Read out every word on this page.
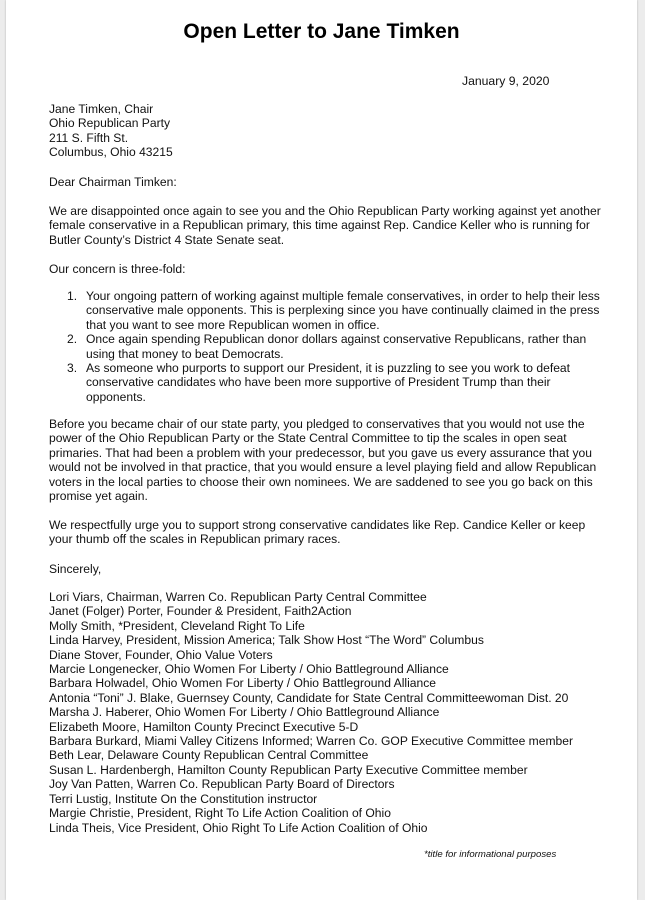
Open Letter to Jane Timken
January 9, 2020
Jane Timken, Chair
Ohio Republican Party
211 S. Fifth St.
Columbus, Ohio 43215
Dear Chairman Timken:
We are disappointed once again to see you and the Ohio Republican Party working against yet another female conservative in a Republican primary, this time against Rep. Candice Keller who is running for Butler County’s District 4 State Senate seat.
Our concern is three-fold:
1. Your ongoing pattern of working against multiple female conservatives, in order to help their less conservative male opponents. This is perplexing since you have continually claimed in the press that you want to see more Republican women in office.
2. Once again spending Republican donor dollars against conservative Republicans, rather than using that money to beat Democrats.
3. As someone who purports to support our President, it is puzzling to see you work to defeat conservative candidates who have been more supportive of President Trump than their opponents.
Before you became chair of our state party, you pledged to conservatives that you would not use the power of the Ohio Republican Party or the State Central Committee to tip the scales in open seat primaries. That had been a problem with your predecessor, but you gave us every assurance that you would not be involved in that practice, that you would ensure a level playing field and allow Republican voters in the local parties to choose their own nominees. We are saddened to see you go back on this promise yet again.
We respectfully urge you to support strong conservative candidates like Rep. Candice Keller or keep your thumb off the scales in Republican primary races.
Sincerely,
Lori Viars, Chairman, Warren Co. Republican Party Central Committee
Janet (Folger) Porter, Founder & President, Faith2Action
Molly Smith, *President, Cleveland Right To Life
Linda Harvey, President, Mission America; Talk Show Host “The Word” Columbus
Diane Stover, Founder, Ohio Value Voters
Marcie Longenecker, Ohio Women For Liberty / Ohio Battleground Alliance
Barbara Holwadel, Ohio Women For Liberty / Ohio Battleground Alliance
Antonia “Toni” J. Blake, Guernsey County, Candidate for State Central Committeewoman Dist. 20
Marsha J. Haberer, Ohio Women For Liberty / Ohio Battleground Alliance
Elizabeth Moore, Hamilton County Precinct Executive 5-D
Barbara Burkard, Miami Valley Citizens Informed; Warren Co. GOP Executive Committee member
Beth Lear, Delaware County Republican Central Committee
Susan L. Hardenbergh, Hamilton County Republican Party Executive Committee member
Joy Van Patten, Warren Co. Republican Party Board of Directors
Terri Lustig, Institute On the Constitution instructor
Margie Christie, President, Right To Life Action Coalition of Ohio
Linda Theis, Vice President, Ohio Right To Life Action Coalition of Ohio
*title for informational purposes
